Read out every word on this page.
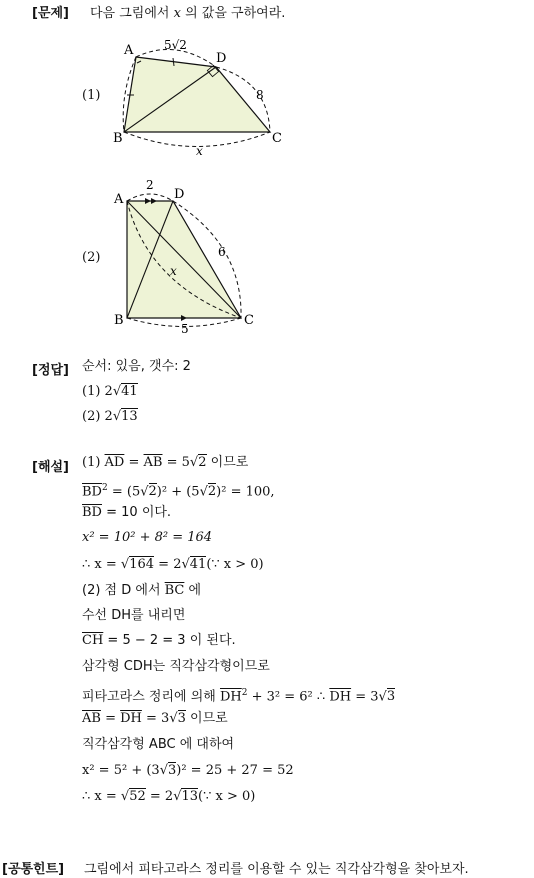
[문제] 다음 그림에서 x 의 값을 구하여라.
(1)
A	5√2
D
8
B	C
x
(2)
A
2
D
6
x
B	C
5
[정답] 순서: 있음, 갯수: 2
(1) 2√41
(2) 2√13
[해설] (1) $\overline{AD} = \overline{AB} = 5√2$ 이므로
$\overline{BD}^2 = (5√2)^2 + (5√2)^2 = 100$,
$\overline{BD} = 10$ 이다.
x² = 10² + 8² = 164
∴ x = √164 = 2√41(∵ x > 0)
(2) 점 D 에서 $\overline{BC}$ 에
수선 DH를 내리면
$\overline{CH} = 5 - 2 = 3$ 이 된다.
삼각형 CDH는 직각삼각형이므로
피타고라스 정리에 의해 $\overline{DH}^2 + 3^2 = 6^2$ ∴ $\overline{DH} = 3√3$
$\overline{AB} = \overline{DH} = 3√3$ 이므로
직각삼각형 ABC 에 대하여
x² = 5² + (3√3)² = 25 + 27 = 52
∴ x = √52 = 2√13(∵ x > 0)
[공통힌트] 그림에서 피타고라스 정리를 이용할 수 있는 직각삼각형을 찾아보자.
